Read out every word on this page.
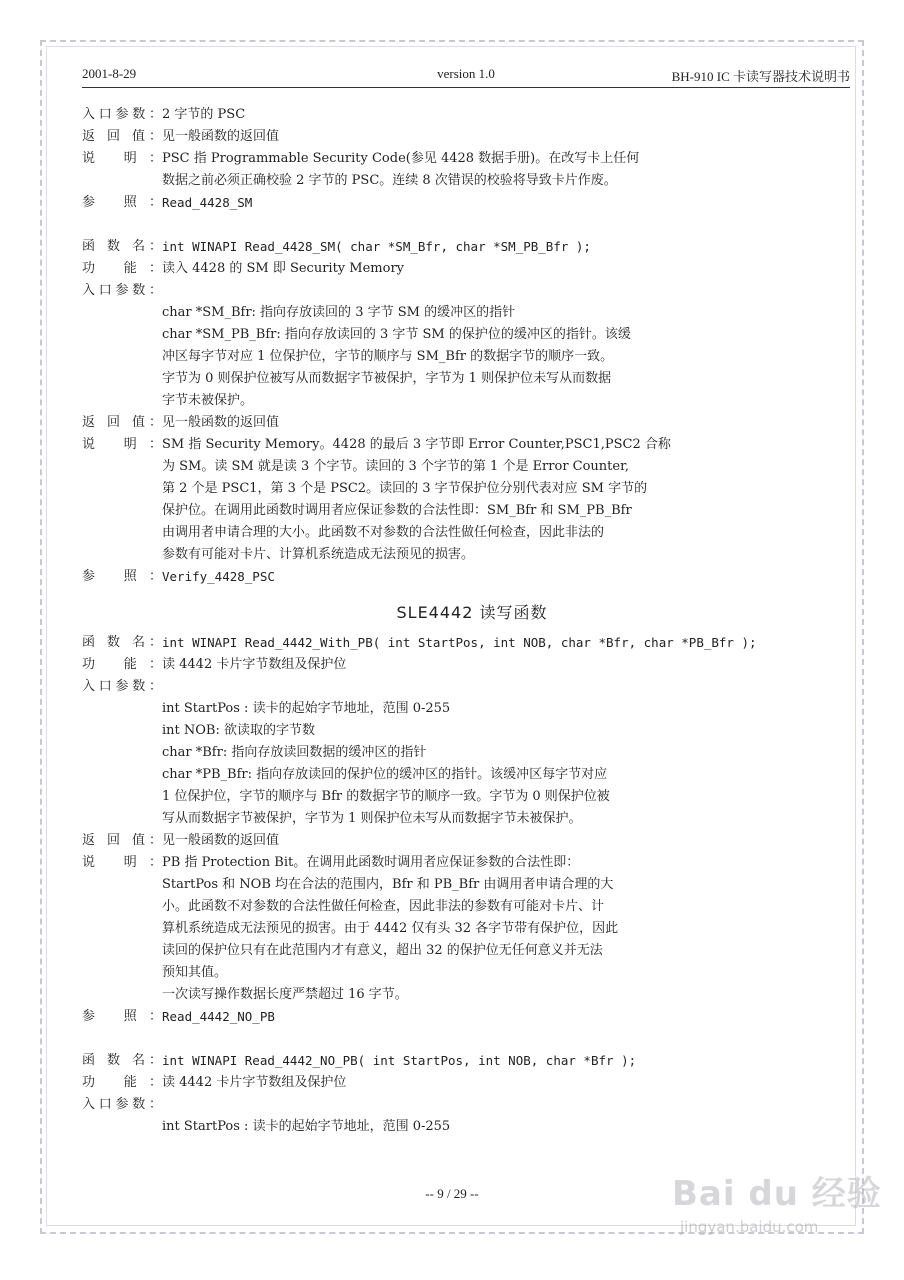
2001-8-29	version 1.0	BH-910 IC 卡读写器技术说明书
入口参数： 2 字节的 PSC
返 回 值： 见一般函数的返回值
说 明： PSC 指 Programmable Security Code(参见 4428 数据手册)。在改写卡上任何
数据之前必须正确校验 2 字节的 PSC。连续 8 次错误的校验将导致卡片作废。
参 照： Read_4428_SM
函 数 名： int WINAPI Read_4428_SM( char *SM_Bfr, char *SM_PB_Bfr );
功 能： 读入 4428 的 SM 即 Security Memory
入口参数：
char *SM_Bfr: 指向存放读回的 3 字节 SM 的缓冲区的指针
char *SM_PB_Bfr: 指向存放读回的 3 字节 SM 的保护位的缓冲区的指针。该缓
冲区每字节对应 1 位保护位，字节的顺序与 SM_Bfr 的数据字节的顺序一致。
字节为 0 则保护位被写从而数据字节被保护，字节为 1 则保护位未写从而数据
字节未被保护。
返 回 值： 见一般函数的返回值
说 明： SM 指 Security Memory。4428 的最后 3 字节即 Error Counter,PSC1,PSC2 合称
为 SM。读 SM 就是读 3 个字节。读回的 3 个字节的第 1 个是 Error Counter,
第 2 个是 PSC1，第 3 个是 PSC2。读回的 3 字节保护位分别代表对应 SM 字节的
保护位。在调用此函数时调用者应保证参数的合法性即：SM_Bfr 和 SM_PB_Bfr
由调用者申请合理的大小。此函数不对参数的合法性做任何检查，因此非法的
参数有可能对卡片、计算机系统造成无法预见的损害。
参 照： Verify_4428_PSC
SLE4442 读写函数
函 数 名： int WINAPI Read_4442_With_PB( int StartPos, int NOB, char *Bfr, char *PB_Bfr );
功 能： 读 4442 卡片字节数组及保护位
入口参数：
int StartPos : 读卡的起始字节地址，范围 0-255
int NOB: 欲读取的字节数
char *Bfr: 指向存放读回数据的缓冲区的指针
char *PB_Bfr: 指向存放读回的保护位的缓冲区的指针。该缓冲区每字节对应
1 位保护位，字节的顺序与 Bfr 的数据字节的顺序一致。字节为 0 则保护位被
写从而数据字节被保护，字节为 1 则保护位未写从而数据字节未被保护。
返 回 值： 见一般函数的返回值
说 明： PB 指 Protection Bit。在调用此函数时调用者应保证参数的合法性即：
StartPos 和 NOB 均在合法的范围内，Bfr 和 PB_Bfr 由调用者申请合理的大
小。此函数不对参数的合法性做任何检查，因此非法的参数有可能对卡片、计
算机系统造成无法预见的损害。由于 4442 仅有头 32 各字节带有保护位，因此
读回的保护位只有在此范围内才有意义，超出 32 的保护位无任何意义并无法
预知其值。
一次读写操作数据长度严禁超过 16 字节。
参 照： Read_4442_NO_PB
函 数 名： int WINAPI Read_4442_NO_PB( int StartPos, int NOB, char *Bfr );
功 能： 读 4442 卡片字节数组及保护位
入口参数：
int StartPos : 读卡的起始字节地址，范围 0-255
-- 9 / 29 --	Bai du 经验
jingyan.baidu.com
